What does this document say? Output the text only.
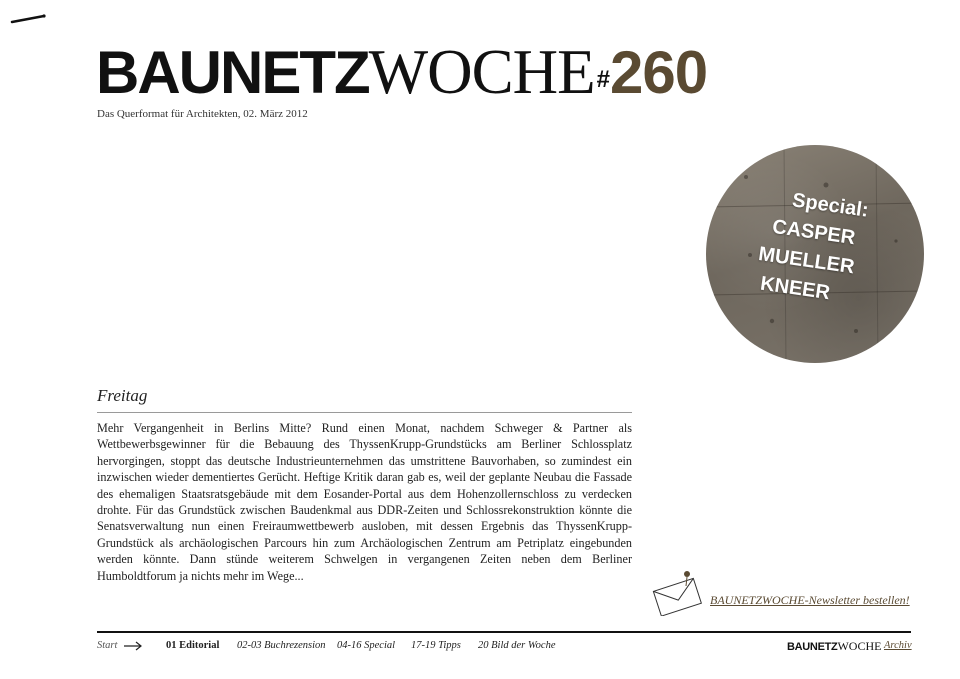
BAUNETZWOCHE#260
Das Querformat für Architekten, 02. März 2012
Special:
CASPER
MUELLER
KNEER
Freitag
Mehr Vergangenheit in Berlins Mitte? Rund einen Monat, nachdem Schweger & Partner als Wettbewerbsgewinner für die Bebauung des ThyssenKrupp-Grundstücks am Berliner Schlossplatz hervorgingen, stoppt das deutsche Industrieunternehmen das umstrittene Bauvorhaben, so zumindest ein inzwischen wieder dementiertes Gerücht. Heftige Kritik daran gab es, weil der geplante Neubau die Fassade des ehemaligen Staatsratsgebäude mit dem Eosander-Portal aus dem Hohenzollernschloss zu verdecken drohte. Für das Grundstück zwischen Baudenkmal aus DDR-Zeiten und Schlossrekonstruktion könnte die Senatsverwaltung nun einen Freiraumwettbewerb ausloben, mit dessen Ergebnis das ThyssenKrupp-Grundstück als archäologischen Parcours hin zum Archäologischen Zentrum am Petriplatz eingebunden werden könnte. Dann stünde weiterem Schwelgen in vergangenen Zeiten neben dem Berliner Humboldtforum ja nichts mehr im Wege...
BAUNETZWOCHE-Newsletter bestellen!
Start	01 Editorial 02-03 Buchrezension 04-16 Special 17-19 Tipps 20 Bild der Woche	BAUNETZWOCHE Archiv
